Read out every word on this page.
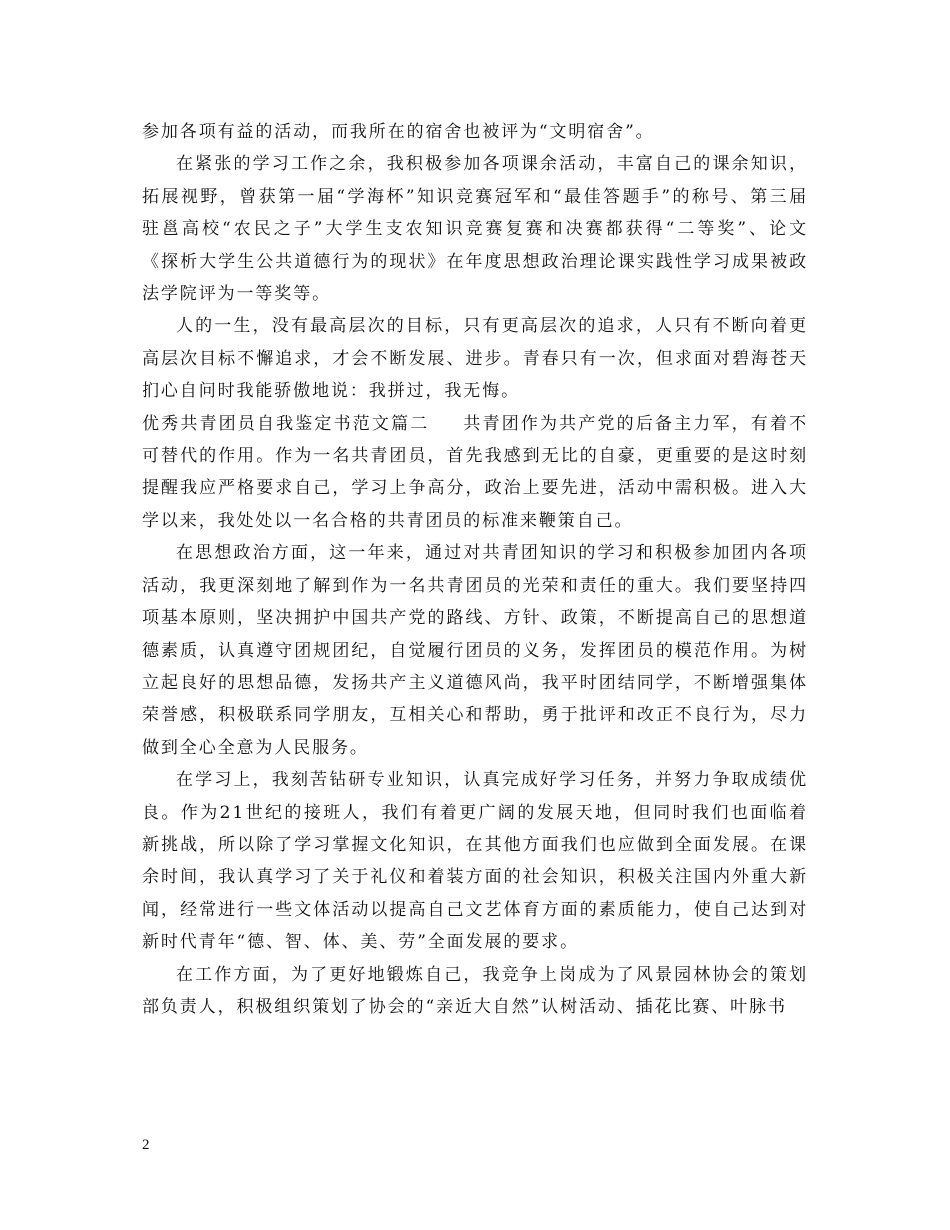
参加各项有益的活动，而我所在的宿舍也被评为“文明宿舍”。

在紧张的学习工作之余，我积极参加各项课余活动，丰富自己的课余知识，拓展视野，曾获第一届“学海杯”知识竞赛冠军和“最佳答题手”的称号、第三届驻邕高校“农民之子”大学生支农知识竞赛复赛和决赛都获得“二等奖”、论文《探析大学生公共道德行为的现状》在年度思想政治理论课实践性学习成果被政法学院评为一等奖等。

人的一生，没有最高层次的目标，只有更高层次的追求，人只有不断向着更高层次目标不懈追求，才会不断发展、进步。青春只有一次，但求面对碧海苍天扪心自问时我能骄傲地说：我拼过，我无悔。

优秀共青团员自我鉴定书范文篇二 共青团作为共产党的后备主力军，有着不可替代的作用。作为一名共青团员，首先我感到无比的自豪，更重要的是这时刻提醒我应严格要求自己，学习上争高分，政治上要先进，活动中需积极。进入大学以来，我处处以一名合格的共青团员的标准来鞭策自己。

在思想政治方面，这一年来，通过对共青团知识的学习和积极参加团内各项活动，我更深刻地了解到作为一名共青团员的光荣和责任的重大。我们要坚持四项基本原则，坚决拥护中国共产党的路线、方针、政策，不断提高自己的思想道德素质，认真遵守团规团纪，自觉履行团员的义务，发挥团员的模范作用。为树立起良好的思想品德，发扬共产主义道德风尚，我平时团结同学，不断增强集体荣誉感，积极联系同学朋友，互相关心和帮助，勇于批评和改正不良行为，尽力做到全心全意为人民服务。

在学习上，我刻苦钻研专业知识，认真完成好学习任务，并努力争取成绩优良。作为21世纪的接班人，我们有着更广阔的发展天地，但同时我们也面临着新挑战，所以除了学习掌握文化知识，在其他方面我们也应做到全面发展。在课余时间，我认真学习了关于礼仪和着装方面的社会知识，积极关注国内外重大新闻，经常进行一些文体活动以提高自己文艺体育方面的素质能力，使自己达到对新时代青年“德、智、体、美、劳”全面发展的要求。

在工作方面，为了更好地锻炼自己，我竞争上岗成为了风景园林协会的策划部负责人，积极组织策划了协会的“亲近大自然”认树活动、插花比赛、叶脉书

2
